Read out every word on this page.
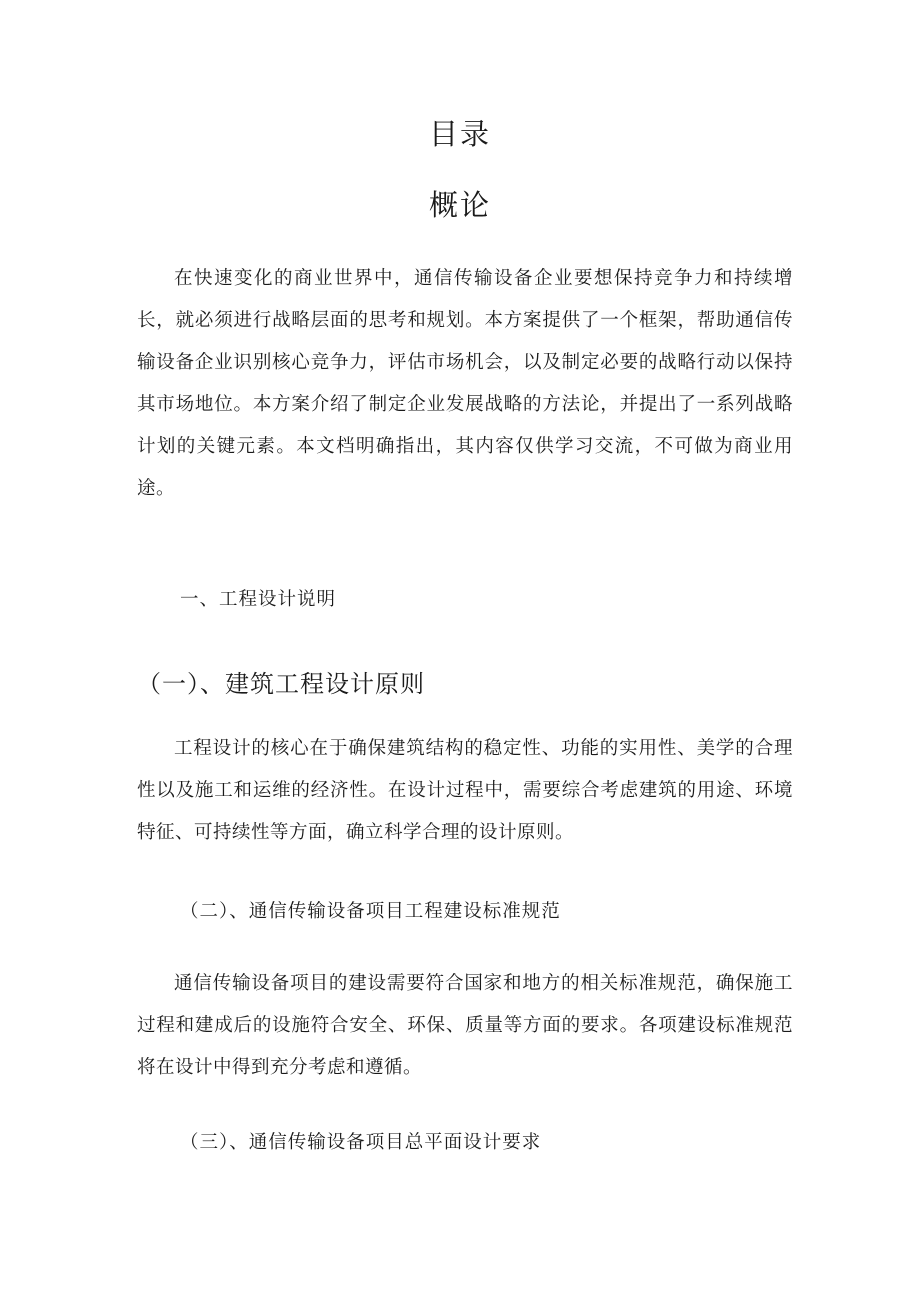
目录
概论

在快速变化的商业世界中，通信传输设备企业要想保持竞争力和持续增长，就必须进行战略层面的思考和规划。本方案提供了一个框架，帮助通信传输设备企业识别核心竞争力，评估市场机会，以及制定必要的战略行动以保持其市场地位。本方案介绍了制定企业发展战略的方法论，并提出了一系列战略计划的关键元素。本文档明确指出，其内容仅供学习交流，不可做为商业用途。

一、工程设计说明
（一）、建筑工程设计原则

工程设计的核心在于确保建筑结构的稳定性、功能的实用性、美学的合理性以及施工和运维的经济性。在设计过程中，需要综合考虑建筑的用途、环境特征、可持续性等方面，确立科学合理的设计原则。

（二）、通信传输设备项目工程建设标准规范

通信传输设备项目的建设需要符合国家和地方的相关标准规范，确保施工过程和建成后的设施符合安全、环保、质量等方面的要求。各项建设标准规范将在设计中得到充分考虑和遵循。

（三）、通信传输设备项目总平面设计要求
